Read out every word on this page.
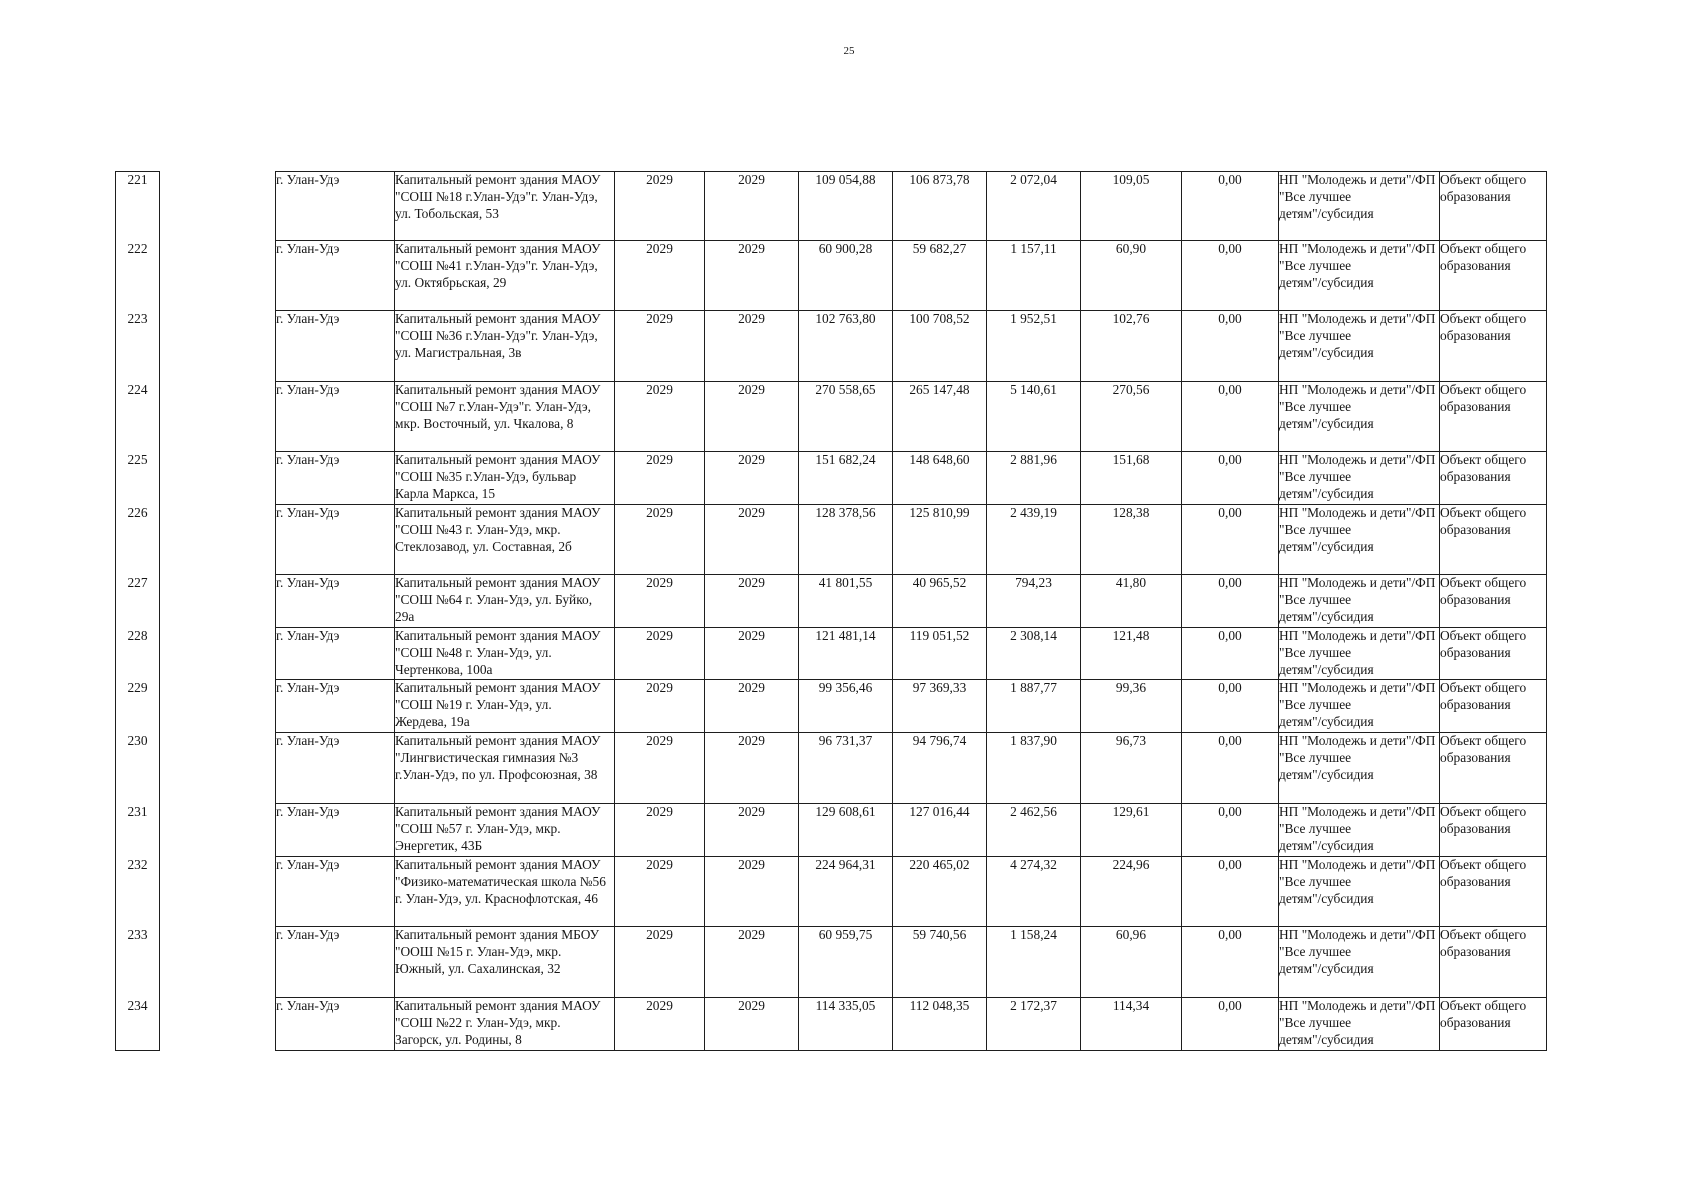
25
221		г. Улан-Удэ	Капитальный ремонт здания МАОУ
"СОШ №18 г.Улан-Удэ"г. Улан-Удэ,
ул. Тобольская, 53	2029	2029	109 054,88	106 873,78	2 072,04	109,05	0,00	НП "Молодежь и дети"/ФП
"Все лучшее
детям"/субсидия	Объект общего
образования
222		г. Улан-Удэ	Капитальный ремонт здания МАОУ
"СОШ №41 г.Улан-Удэ"г. Улан-Удэ,
ул. Октябрьская, 29	2029	2029	60 900,28	59 682,27	1 157,11	60,90	0,00	НП "Молодежь и дети"/ФП
"Все лучшее
детям"/субсидия	Объект общего
образования
223		г. Улан-Удэ	Капитальный ремонт здания МАОУ
"СОШ №36 г.Улан-Удэ"г. Улан-Удэ,
ул. Магистральная, 3в	2029	2029	102 763,80	100 708,52	1 952,51	102,76	0,00	НП "Молодежь и дети"/ФП
"Все лучшее
детям"/субсидия	Объект общего
образования
224		г. Улан-Удэ	Капитальный ремонт здания МАОУ
"СОШ №7 г.Улан-Удэ"г. Улан-Удэ,
мкр. Восточный, ул. Чкалова, 8	2029	2029	270 558,65	265 147,48	5 140,61	270,56	0,00	НП "Молодежь и дети"/ФП
"Все лучшее
детям"/субсидия	Объект общего
образования
225		г. Улан-Удэ	Капитальный ремонт здания МАОУ
"СОШ №35 г.Улан-Удэ, бульвар
Карла Маркса, 15	2029	2029	151 682,24	148 648,60	2 881,96	151,68	0,00	НП "Молодежь и дети"/ФП
"Все лучшее
детям"/субсидия	Объект общего
образования
226		г. Улан-Удэ	Капитальный ремонт здания МАОУ
"СОШ №43 г. Улан-Удэ, мкр.
Стеклозавод, ул. Составная, 2б	2029	2029	128 378,56	125 810,99	2 439,19	128,38	0,00	НП "Молодежь и дети"/ФП
"Все лучшее
детям"/субсидия	Объект общего
образования
227		г. Улан-Удэ	Капитальный ремонт здания МАОУ
"СОШ №64 г. Улан-Удэ, ул. Буйко,
29а	2029	2029	41 801,55	40 965,52	794,23	41,80	0,00	НП "Молодежь и дети"/ФП
"Все лучшее
детям"/субсидия	Объект общего
образования
228		г. Улан-Удэ	Капитальный ремонт здания МАОУ
"СОШ №48 г. Улан-Удэ, ул.
Чертенкова, 100а	2029	2029	121 481,14	119 051,52	2 308,14	121,48	0,00	НП "Молодежь и дети"/ФП
"Все лучшее
детям"/субсидия	Объект общего
образования
229		г. Улан-Удэ	Капитальный ремонт здания МАОУ
"СОШ №19 г. Улан-Удэ, ул.
Жердева, 19а	2029	2029	99 356,46	97 369,33	1 887,77	99,36	0,00	НП "Молодежь и дети"/ФП
"Все лучшее
детям"/субсидия	Объект общего
образования
230		г. Улан-Удэ	Капитальный ремонт здания МАОУ
"Лингвистическая гимназия №3
г.Улан-Удэ, по ул. Профсоюзная, 38	2029	2029	96 731,37	94 796,74	1 837,90	96,73	0,00	НП "Молодежь и дети"/ФП
"Все лучшее
детям"/субсидия	Объект общего
образования
231		г. Улан-Удэ	Капитальный ремонт здания МАОУ
"СОШ №57 г. Улан-Удэ, мкр.
Энергетик, 43Б	2029	2029	129 608,61	127 016,44	2 462,56	129,61	0,00	НП "Молодежь и дети"/ФП
"Все лучшее
детям"/субсидия	Объект общего
образования
232		г. Улан-Удэ	Капитальный ремонт здания МАОУ
"Физико-математическая школа №56
г. Улан-Удэ, ул. Краснофлотская, 46	2029	2029	224 964,31	220 465,02	4 274,32	224,96	0,00	НП "Молодежь и дети"/ФП
"Все лучшее
детям"/субсидия	Объект общего
образования
233		г. Улан-Удэ	Капитальный ремонт здания МБОУ
"ООШ №15 г. Улан-Удэ, мкр.
Южный, ул. Сахалинская, 32	2029	2029	60 959,75	59 740,56	1 158,24	60,96	0,00	НП "Молодежь и дети"/ФП
"Все лучшее
детям"/субсидия	Объект общего
образования
234		г. Улан-Удэ	Капитальный ремонт здания МАОУ
"СОШ №22 г. Улан-Удэ, мкр.
Загорск, ул. Родины, 8	2029	2029	114 335,05	112 048,35	2 172,37	114,34	0,00	НП "Молодежь и дети"/ФП
"Все лучшее
детям"/субсидия	Объект общего
образования
